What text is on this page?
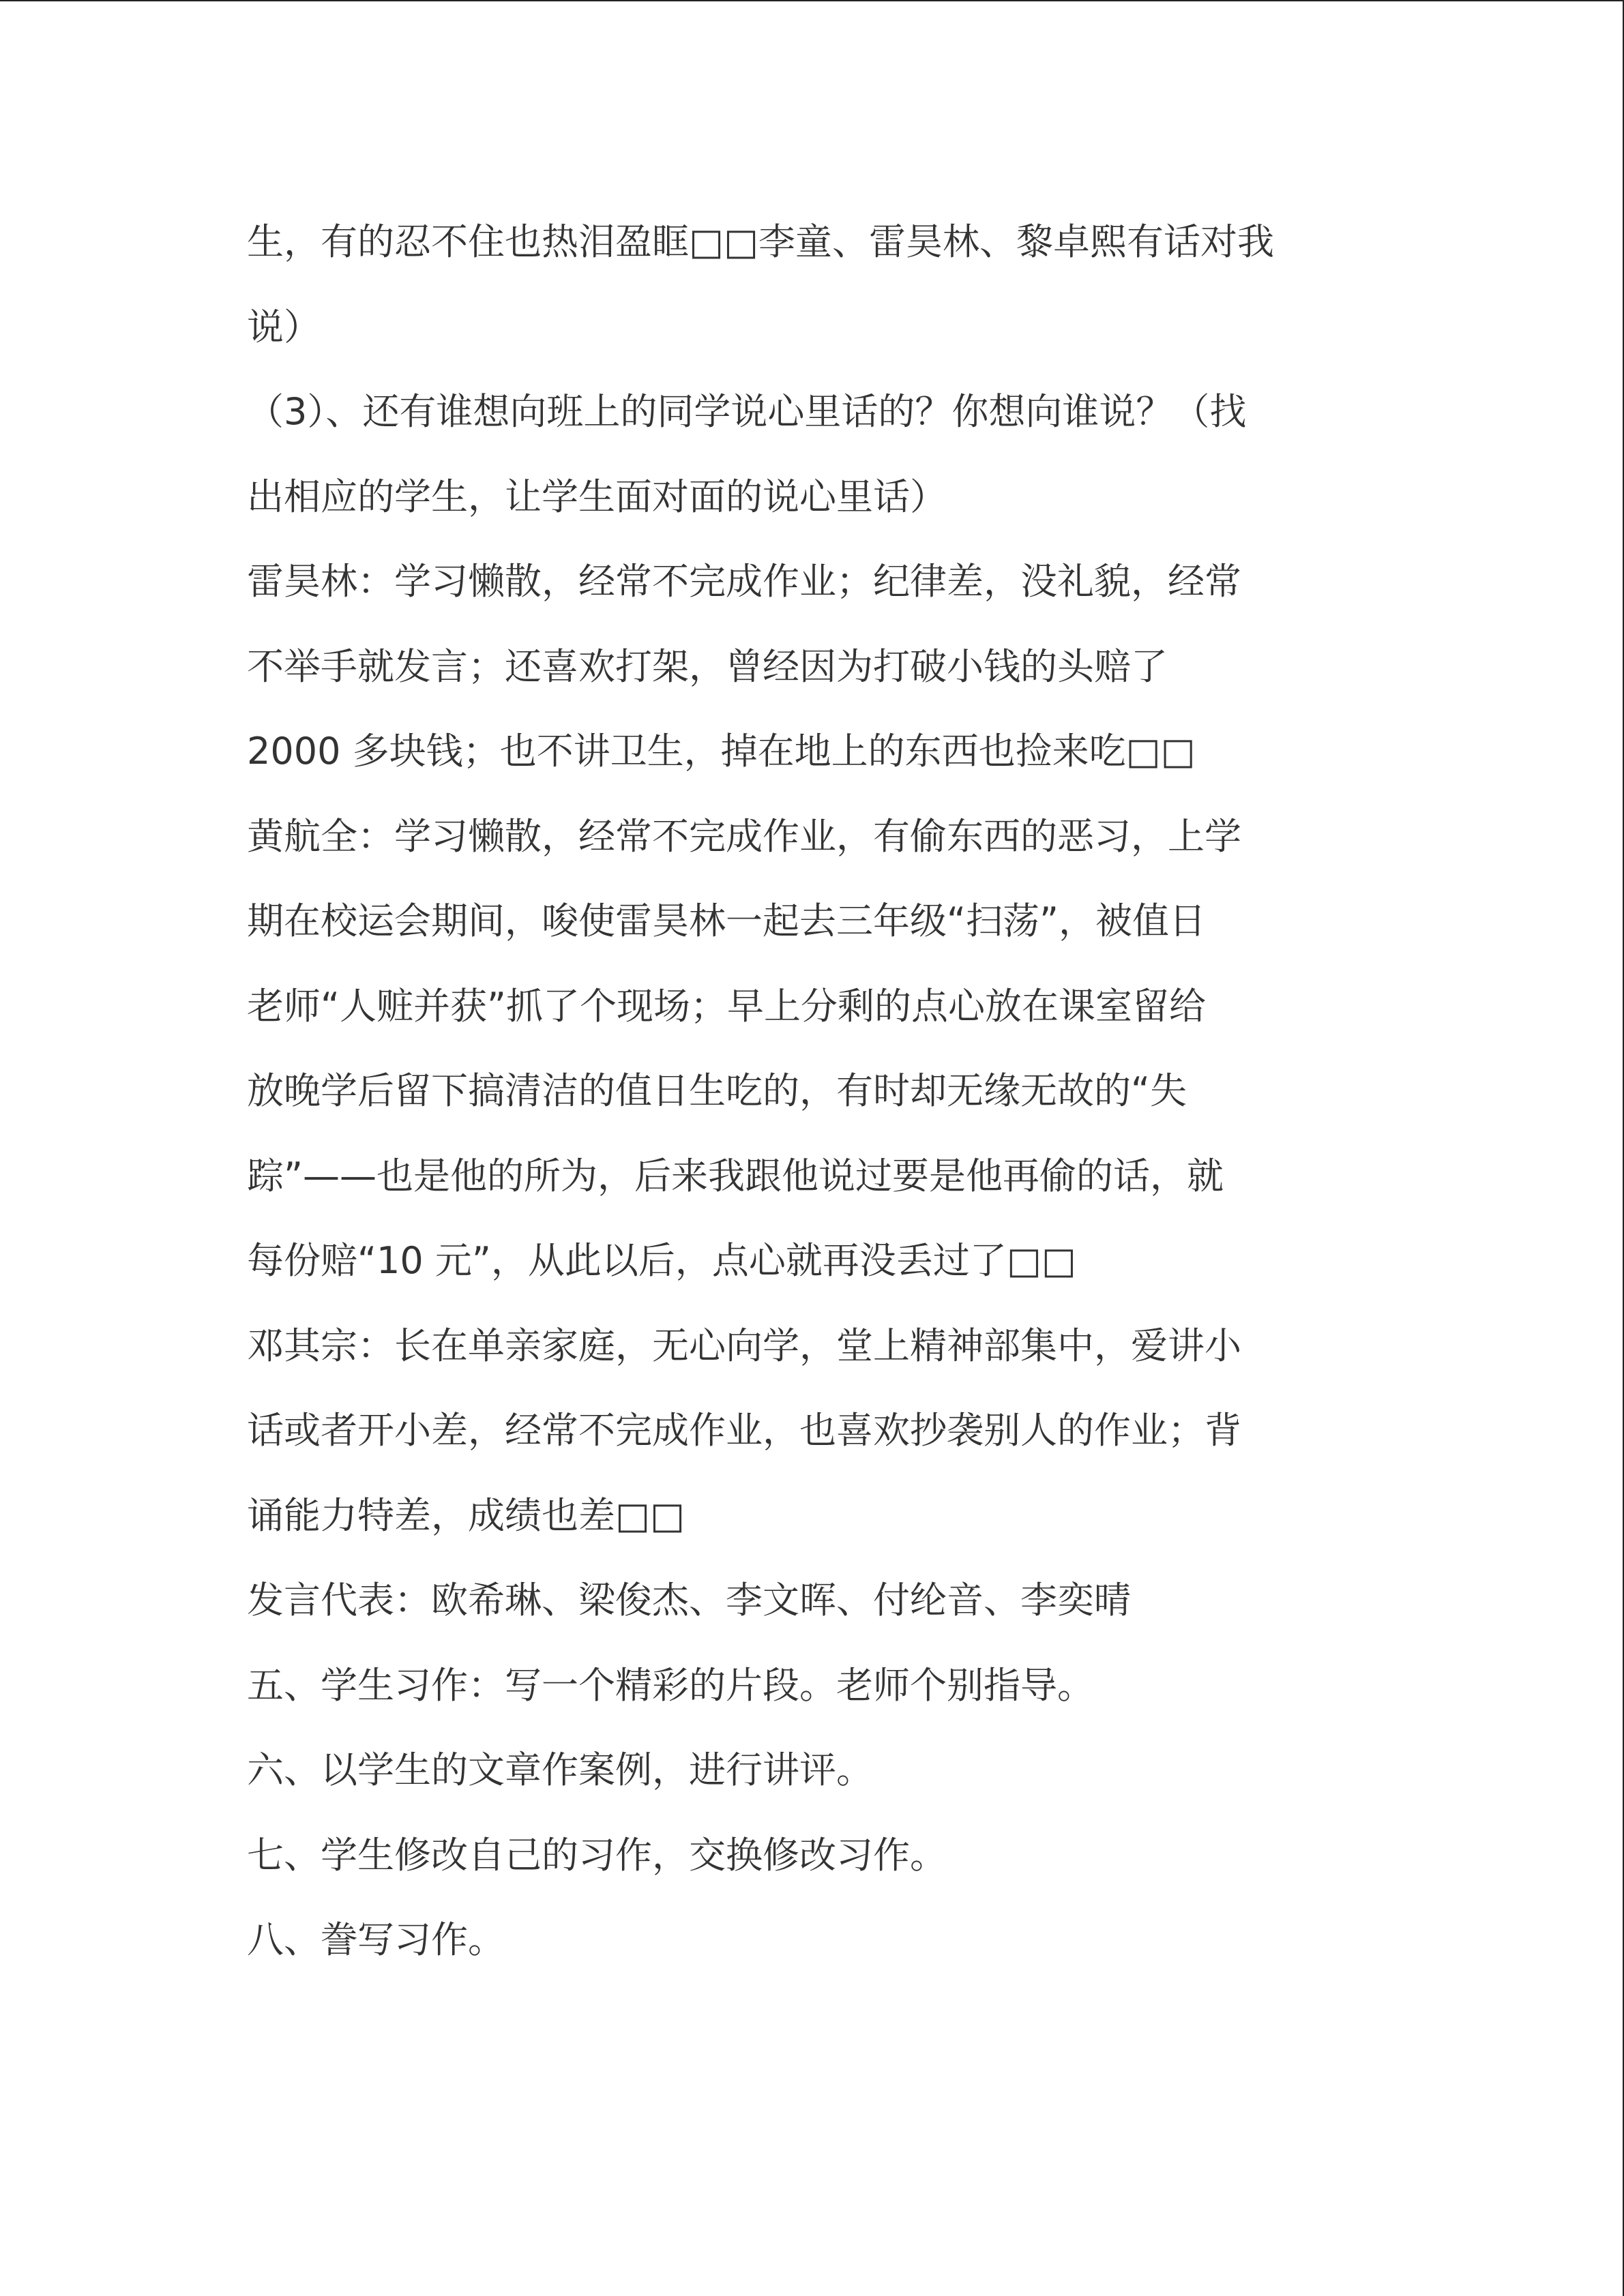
生，有的忍不住也热泪盈眶□□李童、雷昊林、黎卓熙有话对我
说）
（3）、还有谁想向班上的同学说心里话的？你想向谁说？（找
出相应的学生，让学生面对面的说心里话）
雷昊林：学习懒散，经常不完成作业；纪律差，没礼貌，经常
不举手就发言；还喜欢打架，曾经因为打破小钱的头赔了
2000 多块钱；也不讲卫生，掉在地上的东西也捡来吃□□
黄航全：学习懒散，经常不完成作业，有偷东西的恶习，上学
期在校运会期间，唆使雷昊林一起去三年级“扫荡”，被值日
老师“人赃并获”抓了个现场；早上分剩的点心放在课室留给
放晚学后留下搞清洁的值日生吃的，有时却无缘无故的“失
踪”——也是他的所为，后来我跟他说过要是他再偷的话，就
每份赔“10 元”，从此以后，点心就再没丢过了□□
邓其宗：长在单亲家庭，无心向学，堂上精神部集中，爱讲小
话或者开小差，经常不完成作业，也喜欢抄袭别人的作业；背
诵能力特差，成绩也差□□
发言代表：欧希琳、梁俊杰、李文晖、付纶音、李奕晴
五、学生习作：写一个精彩的片段。老师个别指导。
六、以学生的文章作案例，进行讲评。
七、学生修改自己的习作，交换修改习作。
八、誊写习作。
